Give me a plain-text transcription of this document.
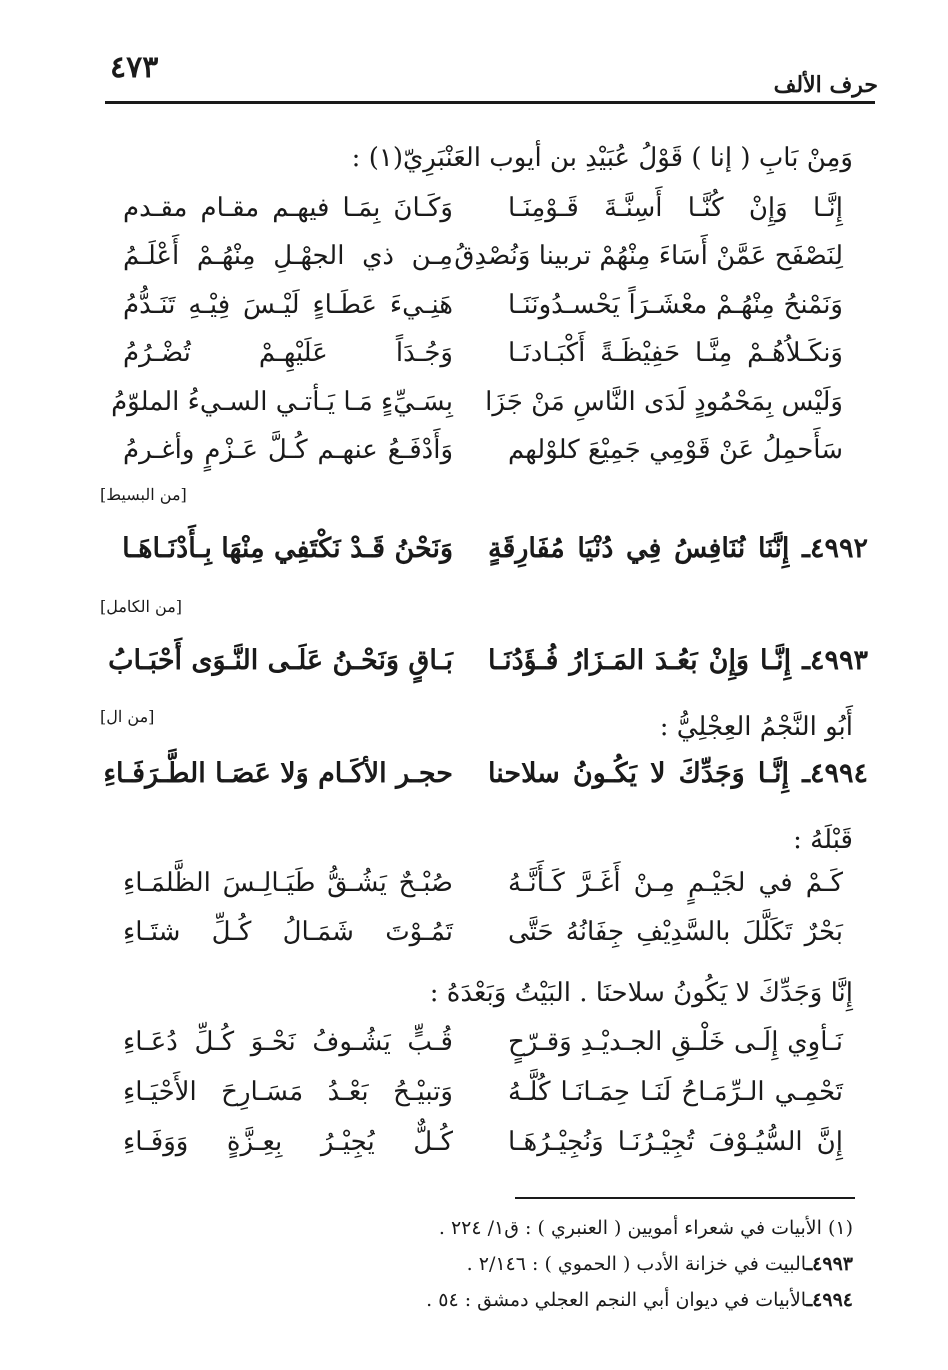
٤٧٣	حرف الألف
وَمِنْ بَابِ ( إنا ) قَوْلُ عُبَيْدِ بن أيوب العَنْبَرِيّ(١) :
إِنَّـا وَإِنْ كُنَّـا أَسِنَّـةَ قَـوْمِنَـا
وَكَـانَ بِمَـا فيهـم مقـام مقـدم
لِنَصْفَح عَمَّنْ أَسَاءَ مِنْهُمْ تربينا وَنُصْدِقُ
مِـن ذي الجهْـلِ مِنْهُـمْ أَعْلَـمُ
وَنَمْنحُ مِنْهُـمْ معْشَـرَاً يَحْسـدُونَنَـا
هَنِـيءَ عَطَـاءٍ لَيْـسَ فِيْـهِ تَنَـدُّمُ
وَنكَـلاُهُـمْ مِنَّـا حَفِيْظَـةً أَكْبَـادنَـا
وَجُـدَاً عَلَيْهِـمْ تُضْـرُمُ
وَلَيْس بِمَحْمُودٍ لَدَى النَّاسِ مَنْ جَزَا
بِسَـيِّءٍ مَـا يَـأتـي السـيءُ الملوّمُ
سَأَحمِلُ عَنْ قَوْمِي جَمِيْعَ كلوْلهم
وَأَدْفَـعُ عنهـم كُـلَّ عَـزْمٍ وأغـرمُ
[من البسيط]
٤٩٩٢ـ إِنَّنَا نُنَافِسُ فِي دُنْيَا مُفَارِقَةٍ
وَنَحْنُ قَـدْ نَكْتَفِي مِنْهَا بِـأَدْنَـاهَـا
[من الكامل]
٤٩٩٣ـ إِنَّـا وَإِنْ بَعُـدَ المَـزَارُ فُـؤَدُنَـا
بَـاقٍ وَنَحْـنُ عَلَـى النَّـوَى أَحْبَـابُ
[من ال]	أَبُو النَّجْمُ العِجْلِيُّ :
٤٩٩٤ـ إِنَّـا وَجَدِّكَ لا يَكُـونُ سلاحنا
حجـر الأكَـام وَلا عَصَـا الطَّـرَفَـاءِ
قَبْلَهُ :
كَـمْ في لجَيْـمٍ مِـنْ أَغَـرَّ كَـأَنَّـهُ
صُبْـحٌ يَشُـقُّ طَيَـالِـسَ الظَّلمَـاءِ
بَحْرٌ تَكَلَّلَ بالسَّدِيْفِ جِفَانُهُ حَتَّى
تَمُـوْتَ شَمَـالُ كُـلِّ شتَـاءِ
إِنَّا وَجَدِّكَ لا يَكُونُ سلاحنَا . البَيْتُ وَبَعْدَهُ :
نَـأوِي إِلَـى خَلْـقِ الجـديْـدِ وَقـرّحٍ
قُـبٍّ يَشُـوفُ نَحْـوَ كُـلِّ دُعَـاءِ
تَحْمِـي الـرِّمَـاحُ لَنَـا حِمَـانَـا كُلَّـهُ
وَتبيْـحُ بَعْـدُ مَسَـارِحَ الأَحْيَـاءِ
إِنَّ السُّيُـوْفَ تُجِيْـرُنَـا وَنُجِيْـرُهَـا
كُـلٌّ يُجِيْـرُ بِعِـزَّةٍ وَوَفَـاءِ
(١) الأبيات في شعراء أمويين ( العنبري ) : ق١/ ٢٢٤ .
٤٩٩٣ـالبيت في خزانة الأدب ( الحموي ) : ٢/١٤٦ .
٤٩٩٤ـالأبيات في ديوان أبي النجم العجلي دمشق : ٥٤ .
